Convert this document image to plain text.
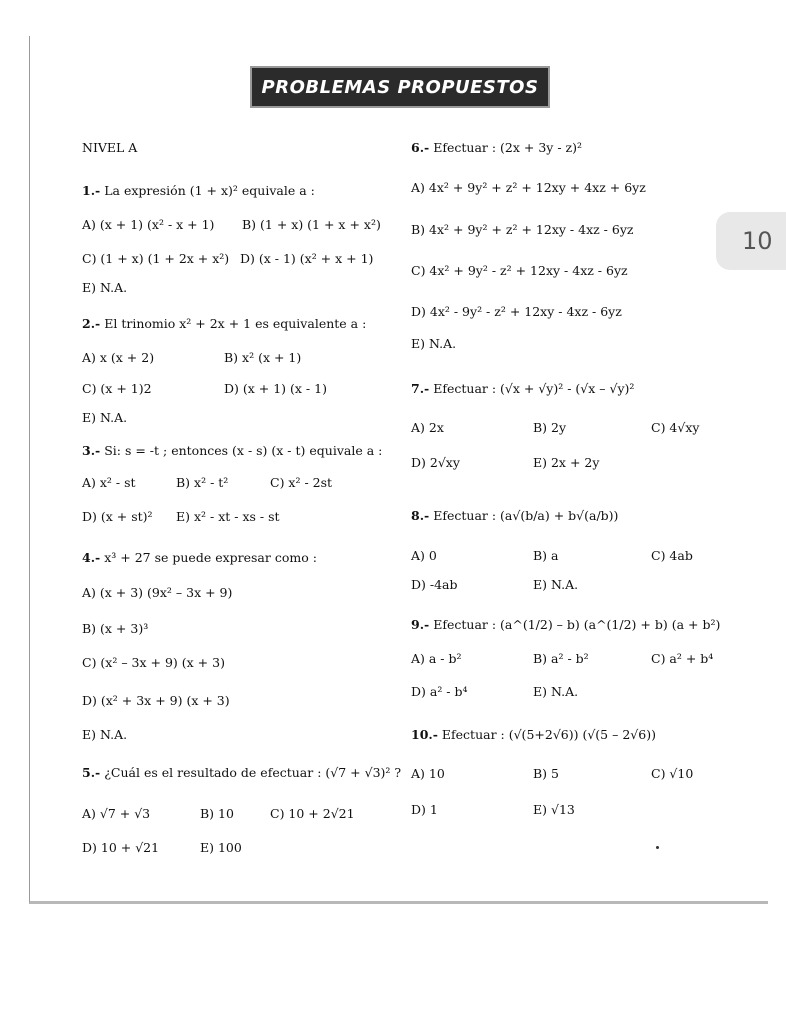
10
PROBLEMAS PROPUESTOS
NIVEL A
1.- La expresión (1 + x)² equivale a :
A) (x + 1) (x² - x + 1) B) (1 + x) (1 + x + x²)
C) (1 + x) (1 + 2x + x²) D) (x - 1) (x² + x + 1)
E) N.A.
2.- El trinomio x² + 2x + 1 es equivalente a :
A) x (x + 2)	B) x² (x + 1)
C) (x + 1)2	D) (x + 1) (x - 1)
E) N.A.
3.- Si: s = -t ; entonces (x - s) (x - t) equivale a :
A) x² - st	B) x² - t²	C) x² - 2st
D) (x + st)² E) x² - xt - xs - st
4.- x³ + 27 se puede expresar como :
A) (x + 3) (9x² – 3x + 9)
B) (x + 3)³
C) (x² – 3x + 9) (x + 3)
D) (x² + 3x + 9) (x + 3)
E) N.A.
5.- ¿Cuál es el resultado de efectuar : (√7 + √3)² ?
A) √7 + √3	B) 10	C) 10 + 2√21
D) 10 + √21	E) 100
6.- Efectuar : (2x + 3y - z)²
A) 4x² + 9y² + z² + 12xy + 4xz + 6yz
B) 4x² + 9y² + z² + 12xy - 4xz - 6yz
C) 4x² + 9y² - z² + 12xy - 4xz - 6yz
D) 4x² - 9y² - z² + 12xy - 4xz - 6yz
E) N.A.
7.- Efectuar : (√x + √y)² - (√x – √y)²
A) 2x	B) 2y	C) 4√xy
D) 2√xy	E) 2x + 2y
8.- Efectuar : (a√(b/a) + b√(a/b))
A) 0	B) a	C) 4ab
D) -4ab	E) N.A.
9.- Efectuar : (a^(1/2) – b) (a^(1/2) + b) (a + b²)
A) a - b²	B) a² - b²	C) a² + b⁴
D) a² - b⁴	E) N.A.
10.- Efectuar : (√(5+2√6)) (√(5 – 2√6))
A) 10	B) 5	C) √10
D) 1	E) √13
